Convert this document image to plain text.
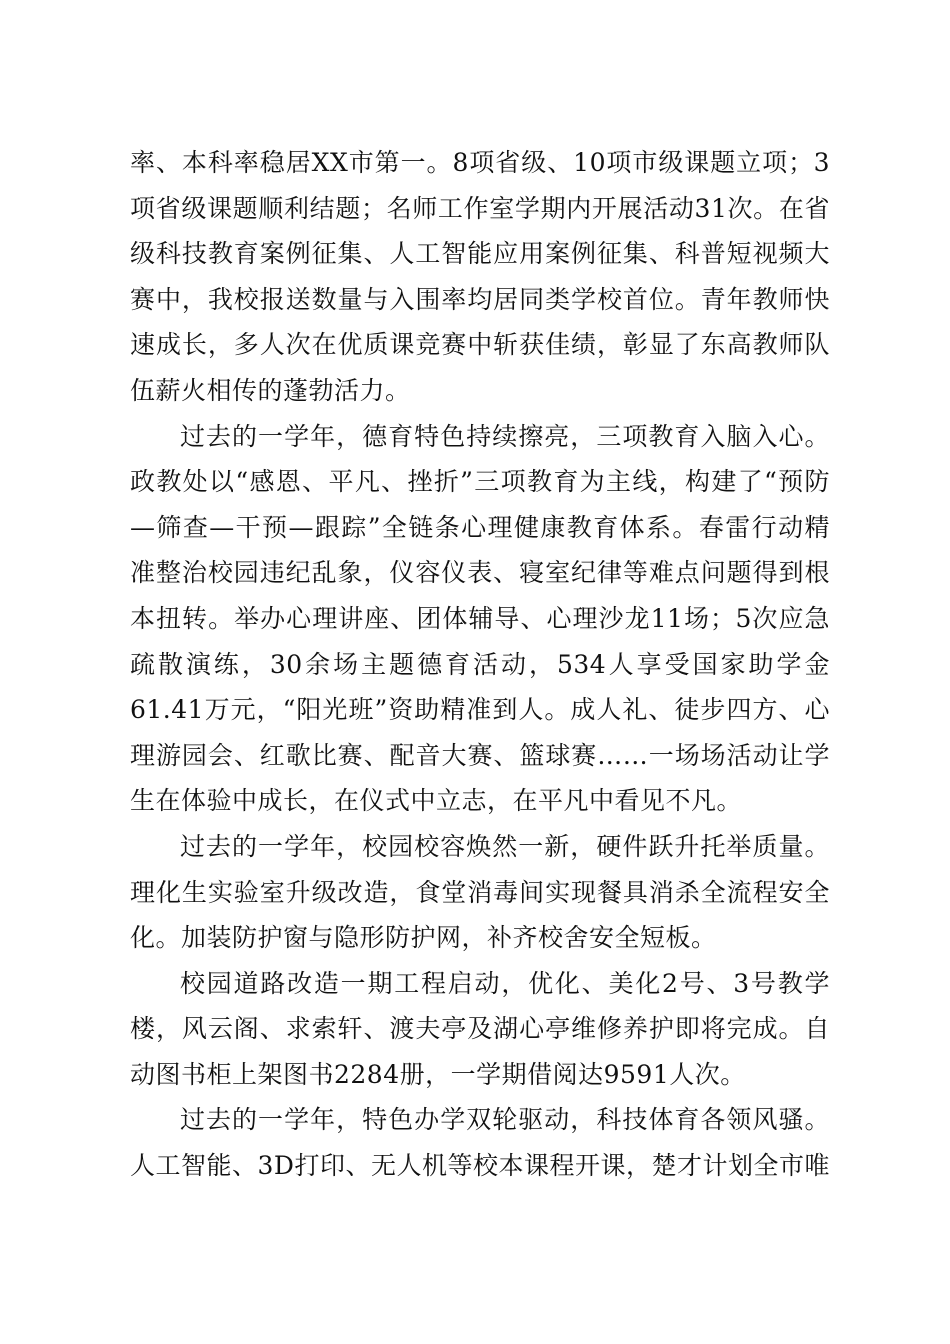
率、本科率稳居XX市第一。8项省级、10项市级课题立项；3项省级课题顺利结题；名师工作室学期内开展活动31次。在省级科技教育案例征集、人工智能应用案例征集、科普短视频大赛中，我校报送数量与入围率均居同类学校首位。青年教师快速成长，多人次在优质课竞赛中斩获佳绩，彰显了东高教师队伍薪火相传的蓬勃活力。

过去的一学年，德育特色持续擦亮，三项教育入脑入心。政教处以“感恩、平凡、挫折”三项教育为主线，构建了“预防—筛查—干预—跟踪”全链条心理健康教育体系。春雷行动精准整治校园违纪乱象，仪容仪表、寝室纪律等难点问题得到根本扭转。举办心理讲座、团体辅导、心理沙龙11场；5次应急疏散演练，30余场主题德育活动，534人享受国家助学金61.41万元，“阳光班”资助精准到人。成人礼、徒步四方、心理游园会、红歌比赛、配音大赛、篮球赛……一场场活动让学生在体验中成长，在仪式中立志，在平凡中看见不凡。

过去的一学年，校园校容焕然一新，硬件跃升托举质量。理化生实验室升级改造，食堂消毒间实现餐具消杀全流程安全化。加装防护窗与隐形防护网，补齐校舍安全短板。

校园道路改造一期工程启动，优化、美化2号、3号教学楼，风云阁、求索轩、渡夫亭及湖心亭维修养护即将完成。自动图书柜上架图书2284册，一学期借阅达9591人次。

过去的一学年，特色办学双轮驱动，科技体育各领风骚。人工智能、3D打印、无人机等校本课程开课，楚才计划全市唯
